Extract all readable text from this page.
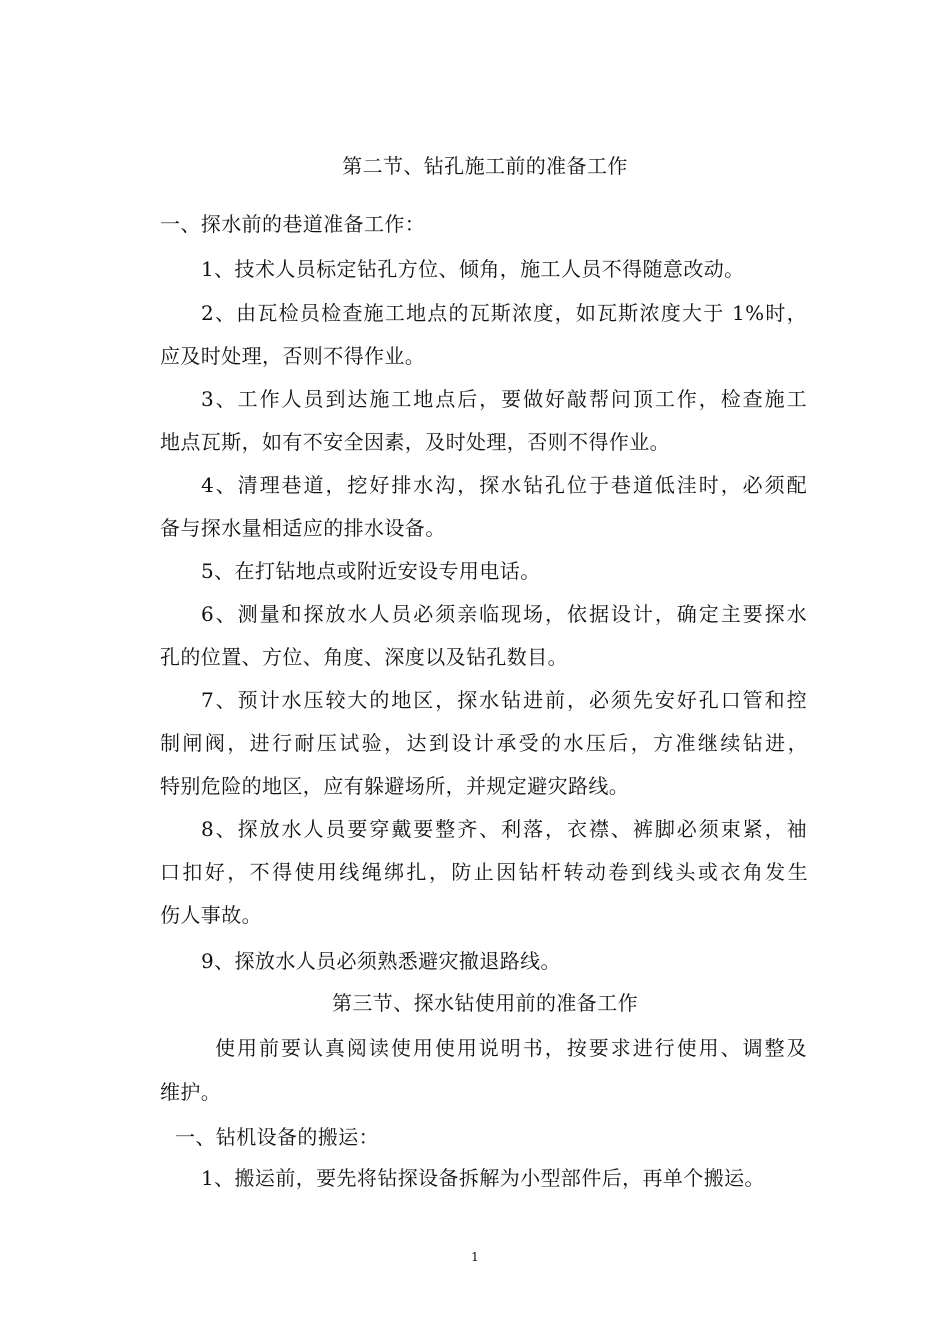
第二节、钻孔施工前的准备工作
一、探水前的巷道准备工作：
1、技术人员标定钻孔方位、倾角，施工人员不得随意改动。
2、由瓦检员检查施工地点的瓦斯浓度，如瓦斯浓度大于 1%时，
应及时处理，否则不得作业。
3、工作人员到达施工地点后，要做好敲帮问顶工作，检查施工
地点瓦斯，如有不安全因素，及时处理，否则不得作业。
4、清理巷道，挖好排水沟，探水钻孔位于巷道低洼时，必须配
备与探水量相适应的排水设备。
5、在打钻地点或附近安设专用电话。
6、测量和探放水人员必须亲临现场，依据设计，确定主要探水
孔的位置、方位、角度、深度以及钻孔数目。
7、预计水压较大的地区，探水钻进前，必须先安好孔口管和控
制闸阀，进行耐压试验，达到设计承受的水压后，方准继续钻进，
特别危险的地区，应有躲避场所，并规定避灾路线。
8、探放水人员要穿戴要整齐、利落，衣襟、裤脚必须束紧，袖
口扣好，不得使用线绳绑扎，防止因钻杆转动卷到线头或衣角发生
伤人事故。
9、探放水人员必须熟悉避灾撤退路线。
第三节、探水钻使用前的准备工作
使用前要认真阅读使用使用说明书，按要求进行使用、调整及
维护。
一、钻机设备的搬运：
1、搬运前，要先将钻探设备拆解为小型部件后，再单个搬运。
1
